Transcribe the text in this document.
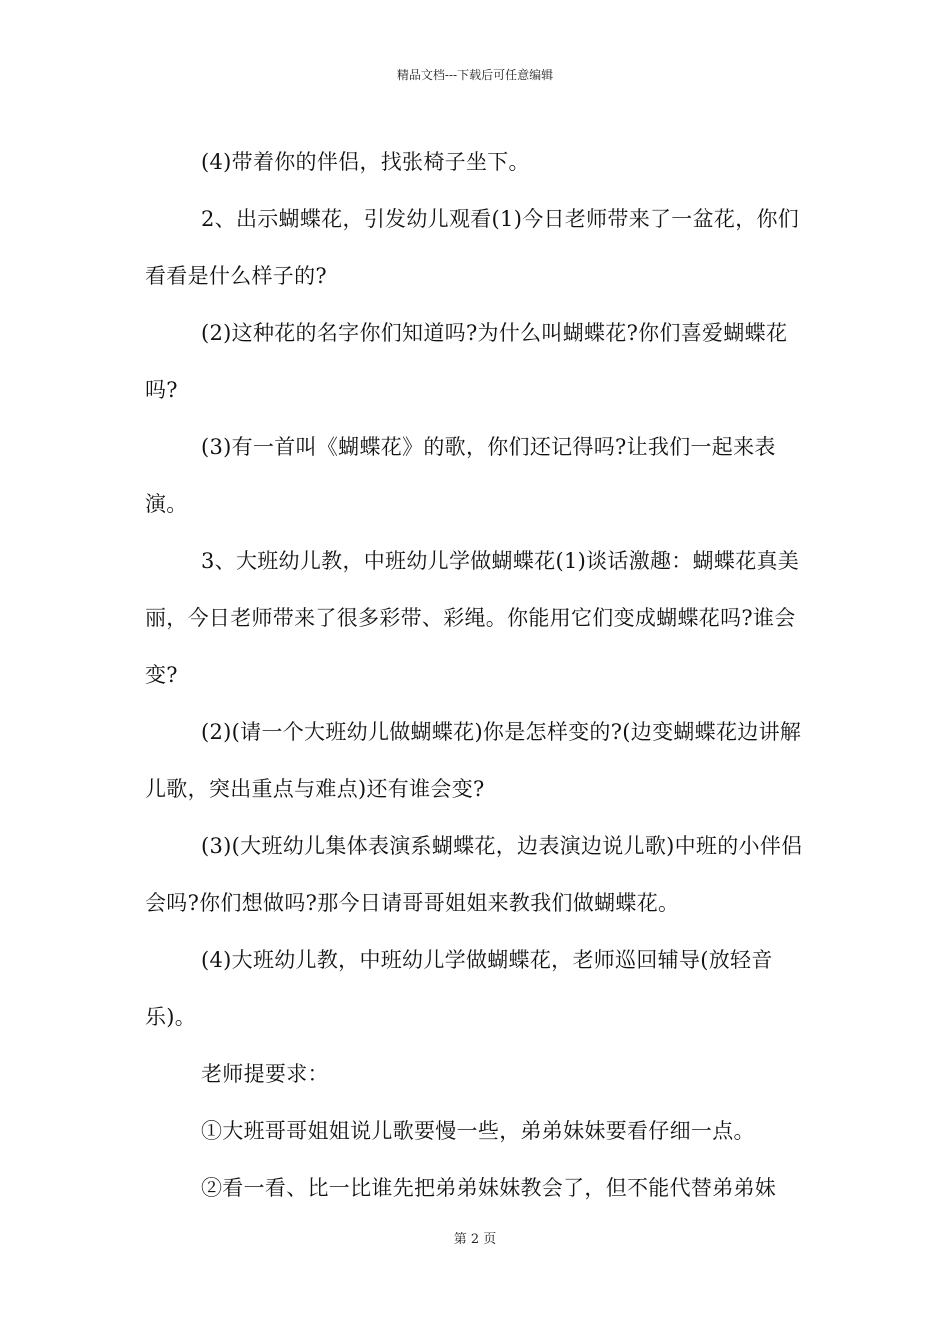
精品文档---下载后可任意编辑

(4)带着你的伴侣，找张椅子坐下。

2、出示蝴蝶花，引发幼儿观看(1)今日老师带来了一盆花，你们看看是什么样子的?

(2)这种花的名字你们知道吗?为什么叫蝴蝶花?你们喜爱蝴蝶花吗?

(3)有一首叫《蝴蝶花》的歌，你们还记得吗?让我们一起来表演。

3、大班幼儿教，中班幼儿学做蝴蝶花(1)谈话激趣：蝴蝶花真美丽，今日老师带来了很多彩带、彩绳。你能用它们变成蝴蝶花吗?谁会变?

(2)(请一个大班幼儿做蝴蝶花)你是怎样变的?(边变蝴蝶花边讲解儿歌，突出重点与难点)还有谁会变?

(3)(大班幼儿集体表演系蝴蝶花，边表演边说儿歌)中班的小伴侣会吗?你们想做吗?那今日请哥哥姐姐来教我们做蝴蝶花。

(4)大班幼儿教，中班幼儿学做蝴蝶花，老师巡回辅导(放轻音乐)。

老师提要求：

①大班哥哥姐姐说儿歌要慢一些，弟弟妹妹要看仔细一点。

②看一看、比一比谁先把弟弟妹妹教会了，但不能代替弟弟妹

第 2 页
